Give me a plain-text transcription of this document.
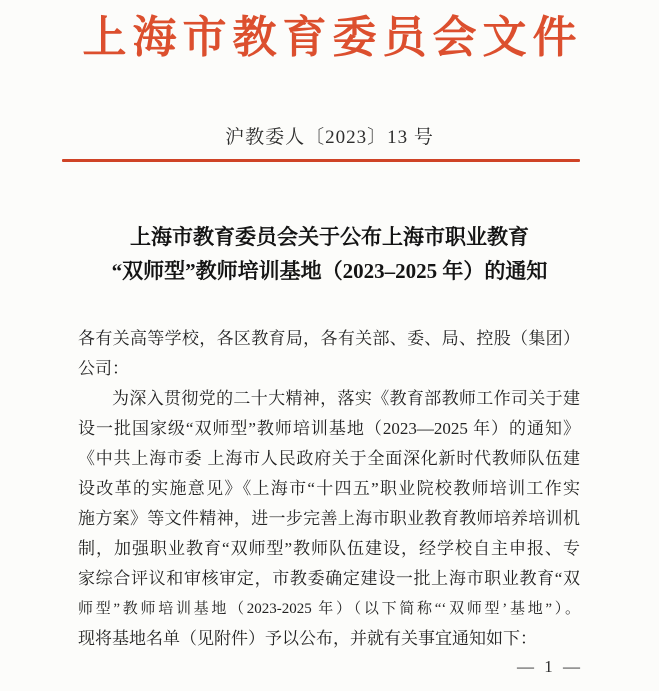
上海市教育委员会文件
沪教委人〔2023〕13 号
上海市教育委员会关于公布上海市职业教育
“双师型”教师培训基地（2023–2025 年）的通知
各有关高等学校，各区教育局，各有关部、委、局、控股（集团）
公司：
为深入贯彻党的二十大精神，落实《教育部教师工作司关于建
设一批国家级“双师型”教师培训基地（2023—2025 年）的通知》
《中共上海市委 上海市人民政府关于全面深化新时代教师队伍建
设改革的实施意见》《上海市“十四五”职业院校教师培训工作实
施方案》等文件精神，进一步完善上海市职业教育教师培养培训机
制，加强职业教育“双师型”教师队伍建设，经学校自主申报、专
家综合评议和审核审定，市教委确定建设一批上海市职业教育“双
师型”教师培训基地（2023-2025 年）（以下简称“‘双师型’基地”）。
现将基地名单（见附件）予以公布，并就有关事宜通知如下：
— 1 —
